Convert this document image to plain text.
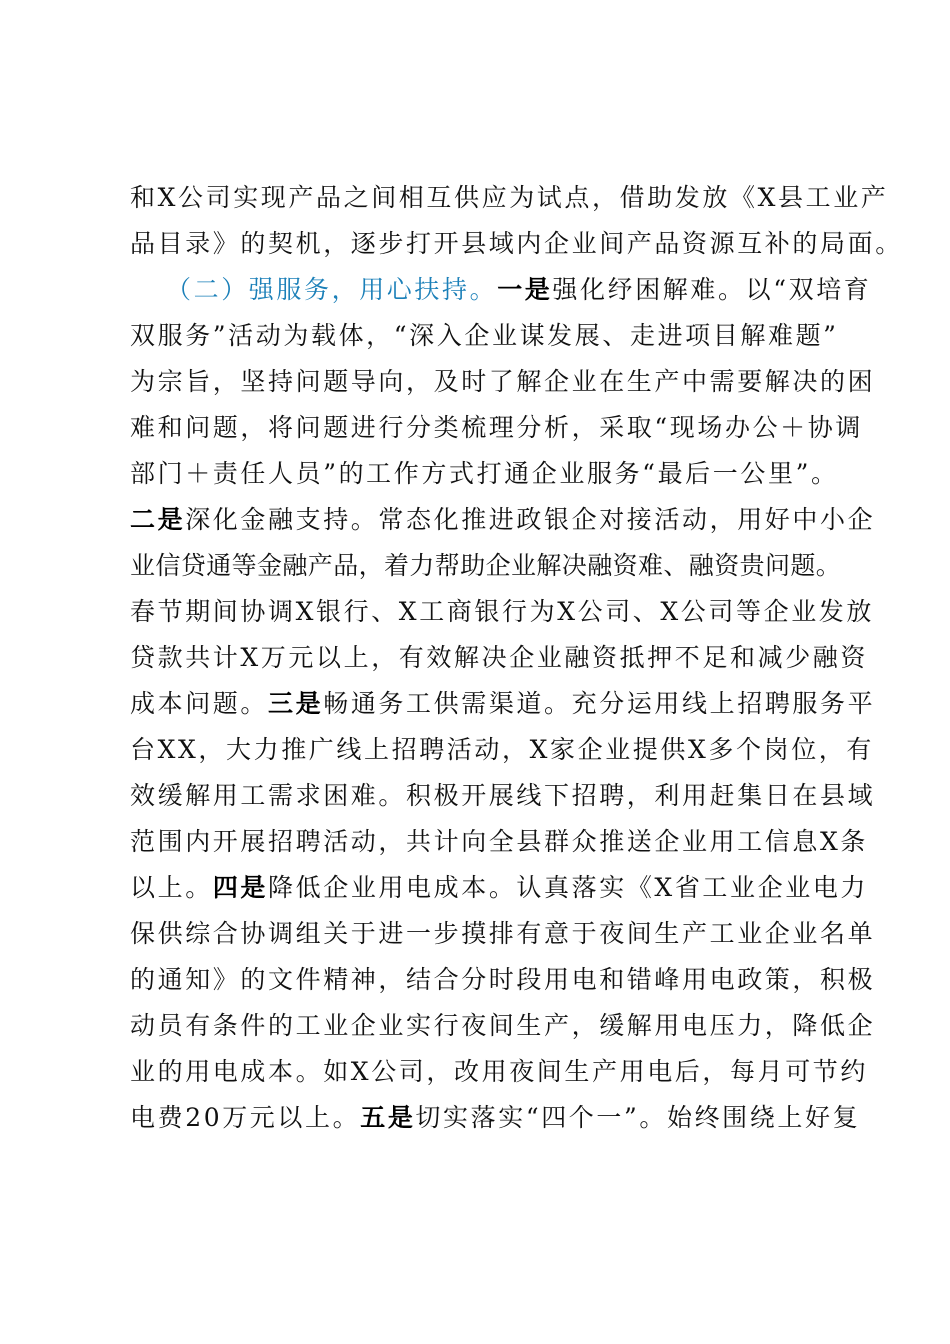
和X公司实现产品之间相互供应为试点，借助发放《X县工业产
品目录》的契机，逐步打开县域内企业间产品资源互补的局面。
（二）强服务，用心扶持。一是强化纾困解难。以“双培育
双服务”活动为载体，“深入企业谋发展、走进项目解难题”
为宗旨，坚持问题导向，及时了解企业在生产中需要解决的困
难和问题，将问题进行分类梳理分析，采取“现场办公＋协调
部门＋责任人员”的工作方式打通企业服务“最后一公里”。
二是深化金融支持。常态化推进政银企对接活动，用好中小企
业信贷通等金融产品，着力帮助企业解决融资难、融资贵问题。
春节期间协调X银行、X工商银行为X公司、X公司等企业发放
贷款共计X万元以上，有效解决企业融资抵押不足和减少融资
成本问题。三是畅通务工供需渠道。充分运用线上招聘服务平
台XX，大力推广线上招聘活动，X家企业提供X多个岗位，有
效缓解用工需求困难。积极开展线下招聘，利用赶集日在县域
范围内开展招聘活动，共计向全县群众推送企业用工信息X条
以上。四是降低企业用电成本。认真落实《X省工业企业电力
保供综合协调组关于进一步摸排有意于夜间生产工业企业名单
的通知》的文件精神，结合分时段用电和错峰用电政策，积极
动员有条件的工业企业实行夜间生产，缓解用电压力，降低企
业的用电成本。如X公司，改用夜间生产用电后，每月可节约
电费20万元以上。五是切实落实“四个一”。始终围绕上好复
